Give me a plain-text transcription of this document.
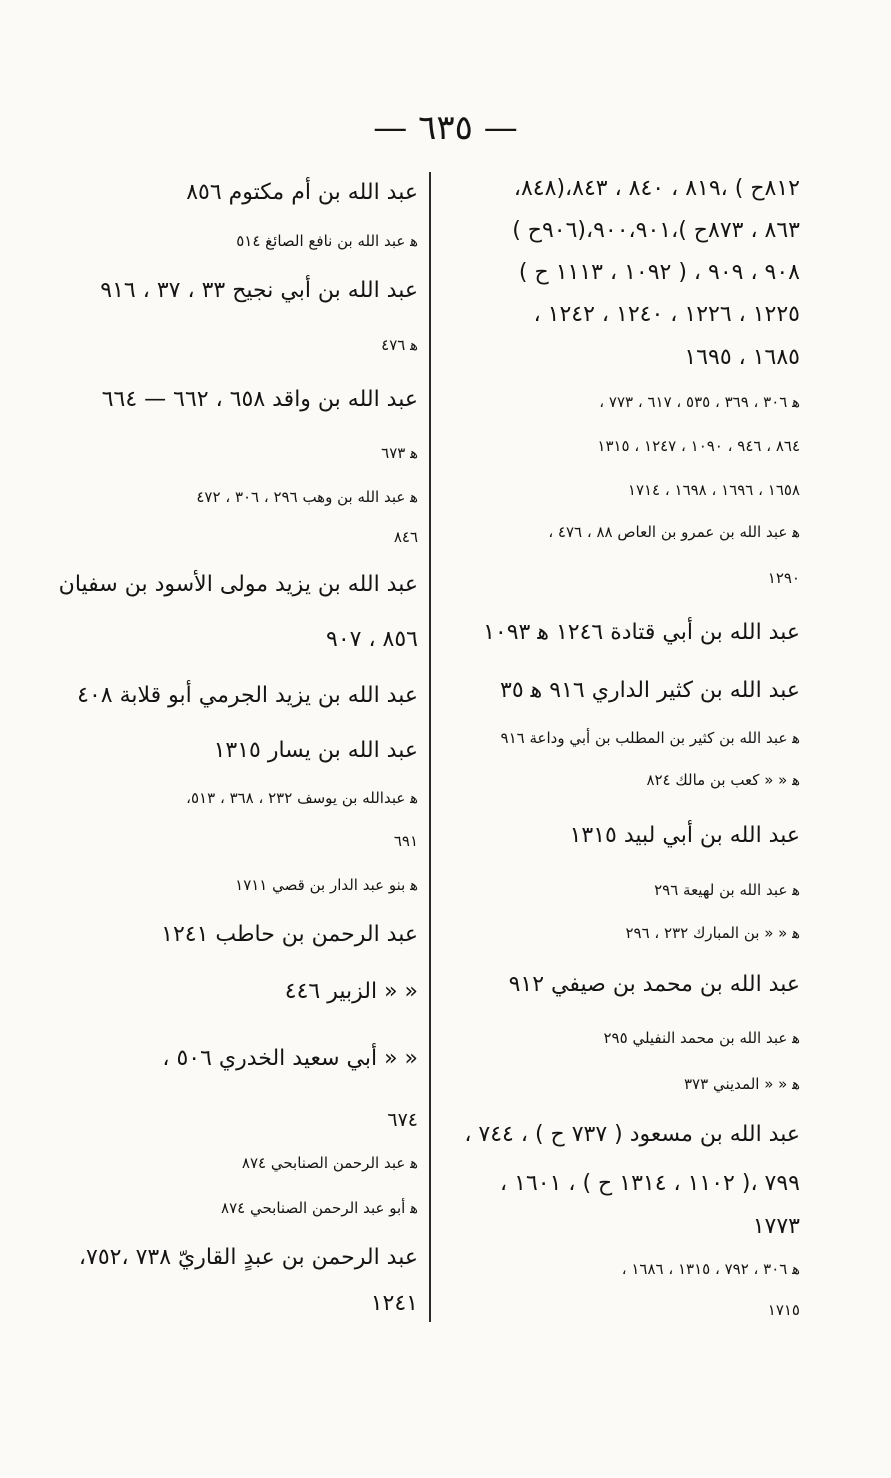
— ٦٣٥ —
٨١٢ح ) ،٨١٩ ، ٨٤٠ ، ٨٤٣،(٨٤٨،
٨٦٣ ، ٨٧٣ح )،٩٠٠،٩٠١،(٩٠٦ح )
٩٠٨ ، ٩٠٩ ، ( ١٠٩٢ ، ١١١٣ ح )
١٢٢٥ ، ١٢٢٦ ، ١٢٤٠ ، ١٢٤٢ ،
١٦٨٥ ، ١٦٩٥
ﻫ ٣٠٦ ، ٣٦٩ ، ٥٣٥ ، ٦١٧ ، ٧٧٣ ،
٨٦٤ ، ٩٤٦ ، ١٠٩٠ ، ١٢٤٧ ، ١٣١٥
١٦٥٨ ، ١٦٩٦ ، ١٦٩٨ ، ١٧١٤
ﻫ عبد الله بن عمرو بن العاص ٨٨ ، ٤٧٦ ،
١٢٩٠
عبد الله بن أبي قتادة ١٢٤٦ ﻫ ١٠٩٣
عبد الله بن كثير الداري ٩١٦ ﻫ ٣٥
ﻫ عبد الله بن كثير بن المطلب بن أبي وداعة ٩١٦
ﻫ « « كعب بن مالك ٨٢٤
عبد الله بن أبي لبيد ١٣١٥
ﻫ عبد الله بن لهيعة ٢٩٦
ﻫ « « بن المبارك ٢٣٢ ، ٢٩٦
عبد الله بن محمد بن صيفي ٩١٢
ﻫ عبد الله بن محمد النفيلي ٢٩٥
ﻫ « « المديني ٣٧٣
عبد الله بن مسعود ( ٧٣٧ ح ) ، ٧٤٤ ،
٧٩٩ ،( ١١٠٢ ، ١٣١٤ ح ) ، ١٦٠١ ،
١٧٧٣
ﻫ ٣٠٦ ، ٧٩٢ ، ١٣١٥ ، ١٦٨٦ ،
١٧١٥
عبد الله بن أم مكتوم ٨٥٦
ﻫ عبد الله بن نافع الصائغ ٥١٤
عبد الله بن أبي نجيح ٣٣ ، ٣٧ ، ٩١٦
ﻫ ٤٧٦
عبد الله بن واقد ٦٥٨ ، ٦٦٢ — ٦٦٤
ﻫ ٦٧٣
ﻫ عبد الله بن وهب ٢٩٦ ، ٣٠٦ ، ٤٧٢
٨٤٦
عبد الله بن يزيد مولى الأسود بن سفيان
٨٥٦ ، ٩٠٧
عبد الله بن يزيد الجرمي أبو قلابة ٤٠٨
عبد الله بن يسار ١٣١٥
ﻫ عبدالله بن يوسف ٢٣٢ ، ٣٦٨ ، ٥١٣،
٦٩١
ﻫ بنو عبد الدار بن قصي ١٧١١
عبد الرحمن بن حاطب ١٢٤١
« « الزبير ٤٤٦
« « أبي سعيد الخدري ٥٠٦ ،
٦٧٤
ﻫ عبد الرحمن الصنابحي ٨٧٤
ﻫ أبو عبد الرحمن الصنابحي ٨٧٤
عبد الرحمن بن عبدٍ القاريّ ٧٣٨ ،٧٥٢،
١٢٤١
